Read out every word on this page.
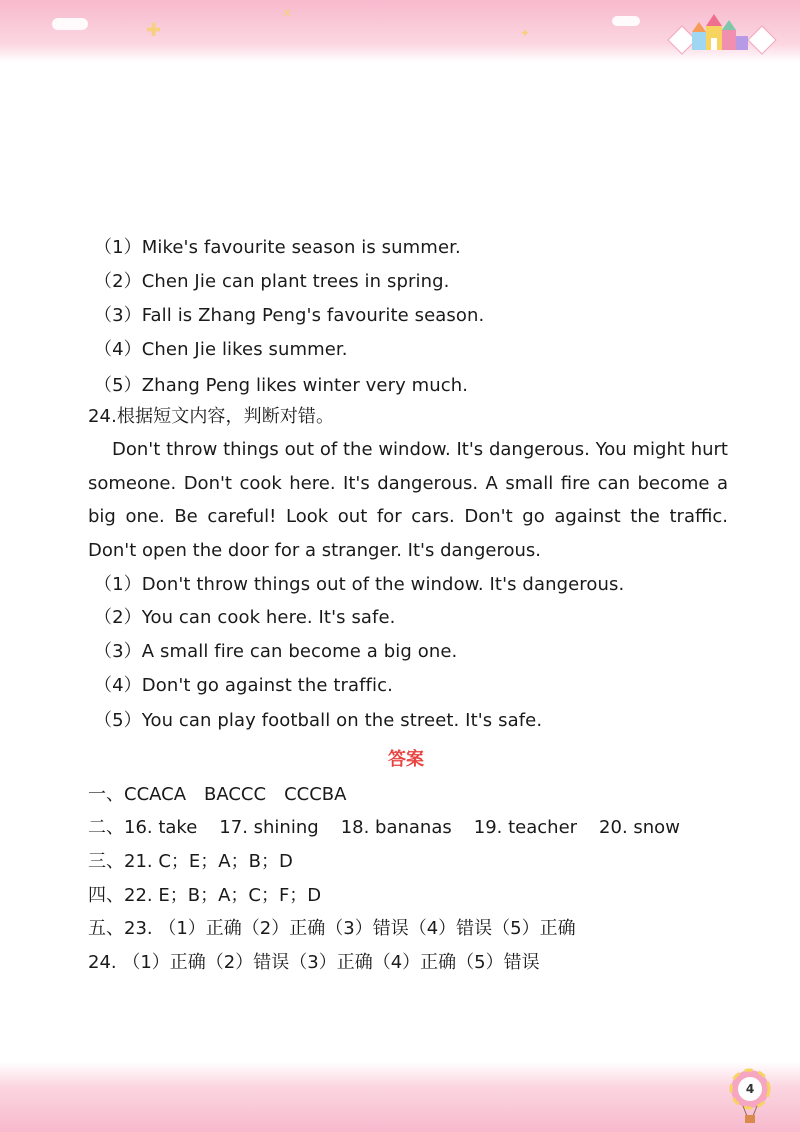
✚
✕
✦
（1）Mike's favourite season is summer.
（2）Chen Jie can plant trees in spring.
（3）Fall is Zhang Peng's favourite season.
（4）Chen Jie likes summer.
（5）Zhang Peng likes winter very much.
24.根据短文内容，判断对错。
Don't throw things out of the window. It's dangerous. You might hurt someone. Don't cook here. It's dangerous. A small fire can become a big one. Be careful! Look out for cars. Don't go against the traffic. Don't open the door for a stranger. It's dangerous.
（1）Don't throw things out of the window. It's dangerous.
（2）You can cook here. It's safe.
（3）A small fire can become a big one.
（4）Don't go against the traffic.
（5）You can play football on the street. It's safe.
答案
一、CCACA BACCC CCCBA
二、16. take 17. shining 18. bananas 19. teacher 20. snow
三、21. C；E；A；B；D
四、22. E；B；A；C；F；D
五、23. （1）正确（2）正确（3）错误（4）错误（5）正确
24. （1）正确（2）错误（3）正确（4）正确（5）错误
4
